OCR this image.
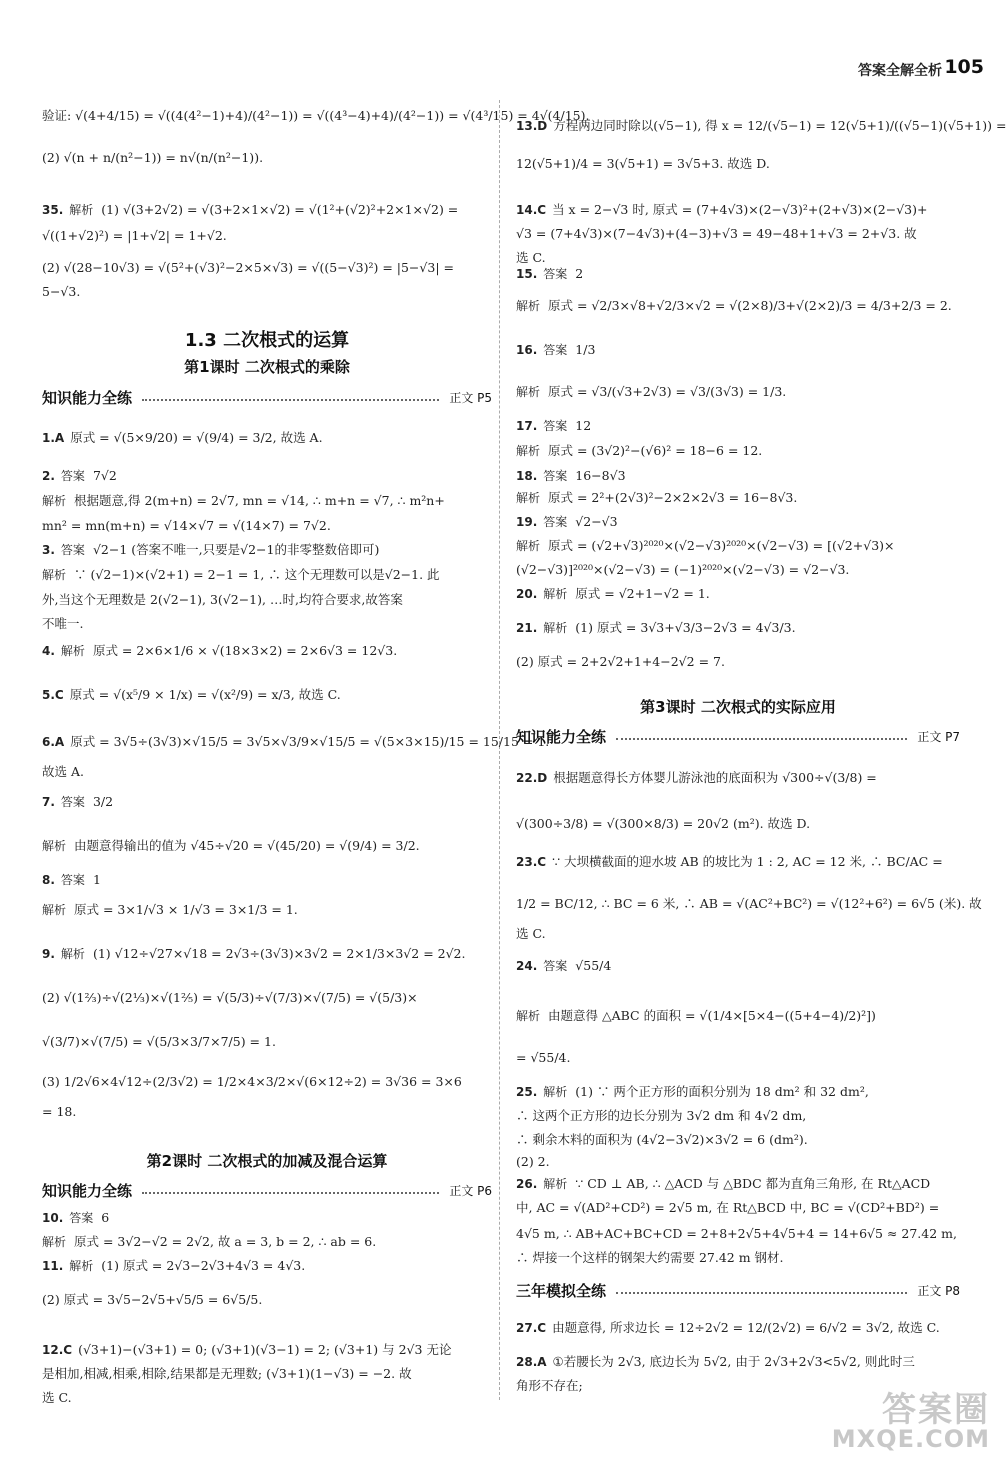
答案全解全析 105

验证: √(4+4/15) = √((4(4²−1)+4)/(4²−1)) = √((4³−4)+4)/(4²−1)) = √(4³/15) = 4√(4/15).

(2) √(n + n/(n²−1)) = n√(n/(n²−1)).

35. 解析 (1) √(3+2√2) = √(3+2×1×√2) = √(1²+(√2)²+2×1×√2) =

√((1+√2)²) = |1+√2| = 1+√2.

(2) √(28−10√3) = √(5²+(√3)²−2×5×√3) = √((5−√3)²) = |5−√3| =

5−√3.

1.3 二次根式的运算

第1课时 二次根式的乘除

知识能力全练	正文 P5

1.A 原式 = √(5×9/20) = √(9/4) = 3/2, 故选 A.

2. 答案 7√2

解析 根据题意,得 2(m+n) = 2√7, mn = √14, ∴ m+n = √7, ∴ m²n+

mn² = mn(m+n) = √14×√7 = √(14×7) = 7√2.

3. 答案 √2−1 (答案不唯一,只要是√2−1的非零整数倍即可)

解析 ∵ (√2−1)×(√2+1) = 2−1 = 1, ∴ 这个无理数可以是√2−1. 此

外,当这个无理数是 2(√2−1), 3(√2−1), …时,均符合要求,故答案

不唯一.

4. 解析 原式 = 2×6×1/6 × √(18×3×2) = 2×6√3 = 12√3.

5.C 原式 = √(x⁵/9 × 1/x) = √(x²/9) = x/3, 故选 C.

6.A 原式 = 3√5÷(3√3)×√15/5 = 3√5×√3/9×√15/5 = √(5×3×15)/15 = 15/15 = 1.

故选 A.

7. 答案 3/2

解析 由题意得输出的值为 √45÷√20 = √(45/20) = √(9/4) = 3/2.

8. 答案 1

解析 原式 = 3×1/√3 × 1/√3 = 3×1/3 = 1.

9. 解析 (1) √12÷√27×√18 = 2√3÷(3√3)×3√2 = 2×1/3×3√2 = 2√2.

(2) √(1⅔)÷√(2⅓)×√(1⅖) = √(5/3)÷√(7/3)×√(7/5) = √(5/3)×

√(3/7)×√(7/5) = √(5/3×3/7×7/5) = 1.

(3) 1/2√6×4√12÷(2/3√2) = 1/2×4×3/2×√(6×12÷2) = 3√36 = 3×6

= 18.

第2课时 二次根式的加减及混合运算

知识能力全练	正文 P6

10. 答案 6

解析 原式 = 3√2−√2 = 2√2, 故 a = 3, b = 2, ∴ ab = 6.

11. 解析 (1) 原式 = 2√3−2√3+4√3 = 4√3.

(2) 原式 = 3√5−2√5+√5/5 = 6√5/5.

12.C (√3+1)−(√3+1) = 0; (√3+1)(√3−1) = 2; (√3+1) 与 2√3 无论

是相加,相减,相乘,相除,结果都是无理数; (√3+1)(1−√3) = −2. 故

选 C.

13.D 方程两边同时除以(√5−1), 得 x = 12/(√5−1) = 12(√5+1)/((√5−1)(√5+1)) =

12(√5+1)/4 = 3(√5+1) = 3√5+3. 故选 D.

14.C 当 x = 2−√3 时, 原式 = (7+4√3)×(2−√3)²+(2+√3)×(2−√3)+

√3 = (7+4√3)×(7−4√3)+(4−3)+√3 = 49−48+1+√3 = 2+√3. 故

选 C.

15. 答案 2

解析 原式 = √2/3×√8+√2/3×√2 = √(2×8)/3+√(2×2)/3 = 4/3+2/3 = 2.

16. 答案 1/3

解析 原式 = √3/(√3+2√3) = √3/(3√3) = 1/3.

17. 答案 12

解析 原式 = (3√2)²−(√6)² = 18−6 = 12.

18. 答案 16−8√3

解析 原式 = 2²+(2√3)²−2×2×2√3 = 16−8√3.

19. 答案 √2−√3

解析 原式 = (√2+√3)²⁰²⁰×(√2−√3)²⁰²⁰×(√2−√3) = [(√2+√3)×

(√2−√3)]²⁰²⁰×(√2−√3) = (−1)²⁰²⁰×(√2−√3) = √2−√3.

20. 解析 原式 = √2+1−√2 = 1.

21. 解析 (1) 原式 = 3√3+√3/3−2√3 = 4√3/3.

(2) 原式 = 2+2√2+1+4−2√2 = 7.

第3课时 二次根式的实际应用

知识能力全练	正文 P7

22.D 根据题意得长方体婴儿游泳池的底面积为 √300÷√(3/8) =

√(300÷3/8) = √(300×8/3) = 20√2 (m²). 故选 D.

23.C ∵ 大坝横截面的迎水坡 AB 的坡比为 1 : 2, AC = 12 米, ∴ BC/AC =

1/2 = BC/12, ∴ BC = 6 米, ∴ AB = √(AC²+BC²) = √(12²+6²) = 6√5 (米). 故

选 C.

24. 答案 √55/4

解析 由题意得 △ABC 的面积 = √(1/4×[5×4−((5+4−4)/2)²])

= √55/4.

25. 解析 (1) ∵ 两个正方形的面积分别为 18 dm² 和 32 dm²,

∴ 这两个正方形的边长分别为 3√2 dm 和 4√2 dm,

∴ 剩余木料的面积为 (4√2−3√2)×3√2 = 6 (dm²).

(2) 2.

26. 解析 ∵ CD ⊥ AB, ∴ △ACD 与 △BDC 都为直角三角形, 在 Rt△ACD

中, AC = √(AD²+CD²) = 2√5 m, 在 Rt△BCD 中, BC = √(CD²+BD²) =

4√5 m, ∴ AB+AC+BC+CD = 2+8+2√5+4√5+4 = 14+6√5 ≈ 27.42 m,

∴ 焊接一个这样的钢架大约需要 27.42 m 钢材.

三年模拟全练	正文 P8

27.C 由题意得, 所求边长 = 12÷2√2 = 12/(2√2) = 6/√2 = 3√2, 故选 C.

28.A ①若腰长为 2√3, 底边长为 5√2, 由于 2√3+2√3<5√2, 则此时三

角形不存在;

答案圈
MXQE.COM
